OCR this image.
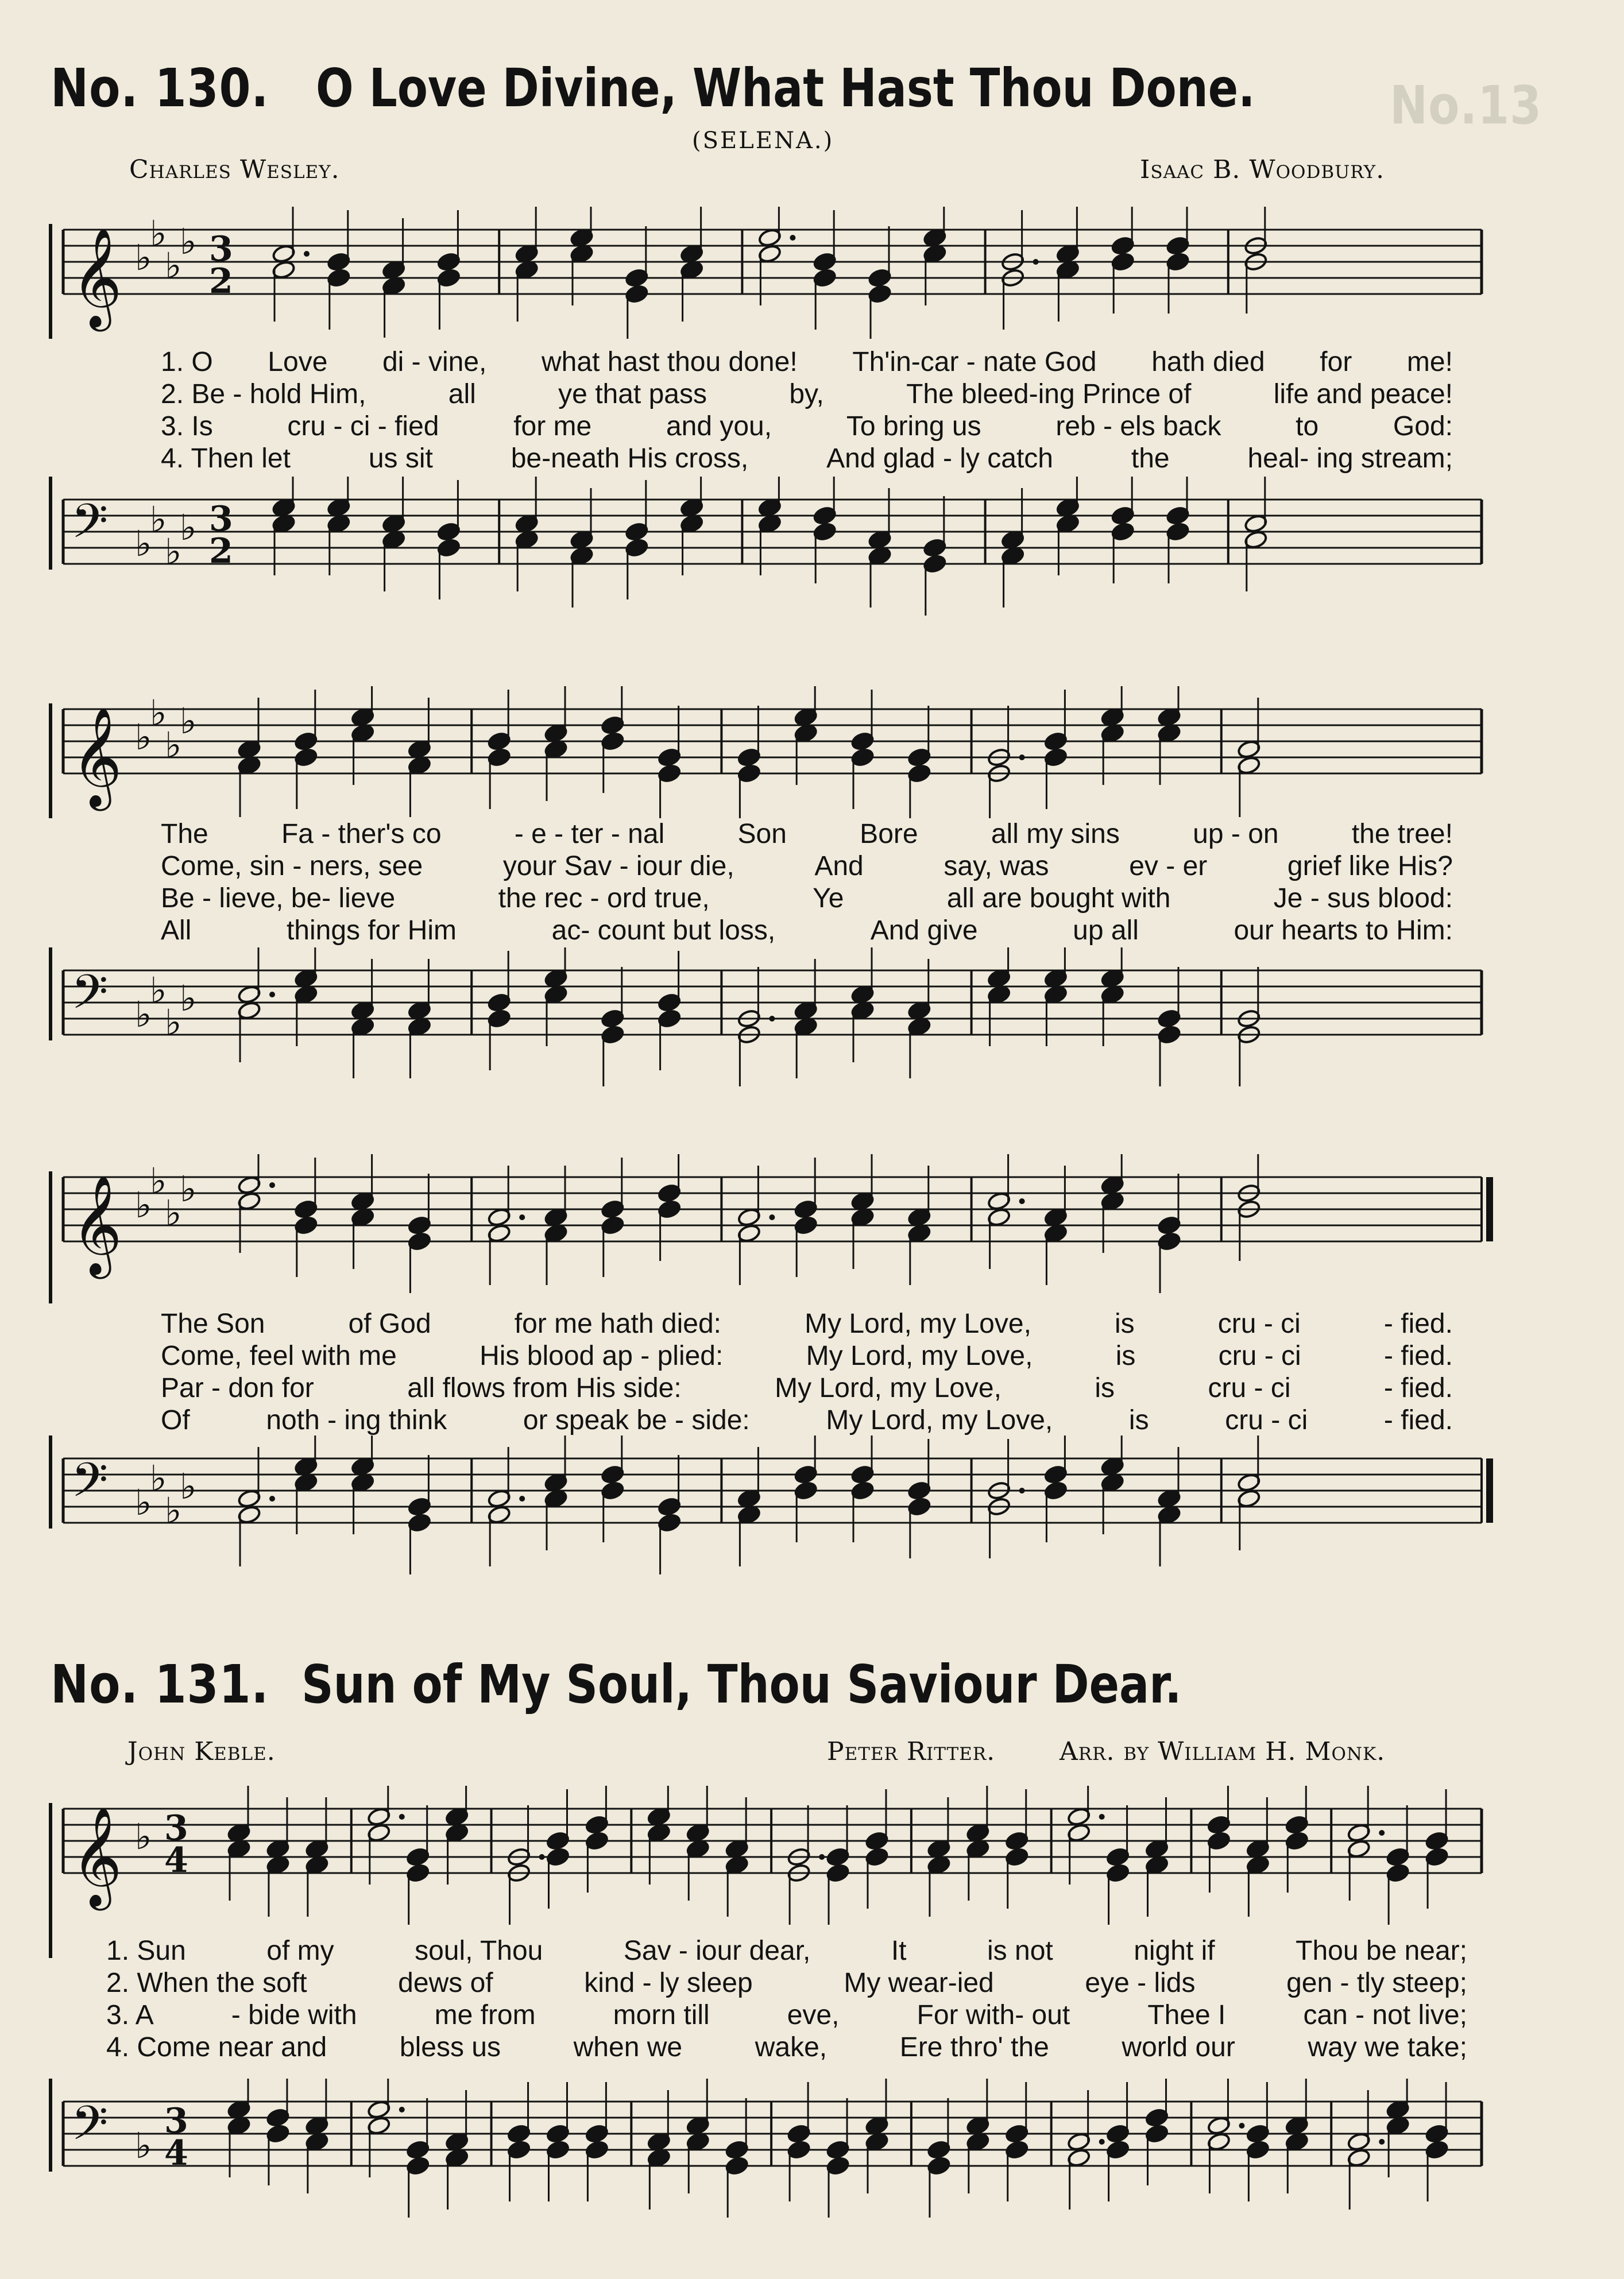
No.13
No. 130. O Love Divine, What Hast Thou Done.
(SELENA.)
Charles Wesley.	Isaac B. Woodbury.
𝄞 ♭
♭
♭
♭ 3
2
1. O Love di - vine, what hast thou done! Th'in-car - nate God hath died for me!
2. Be - hold Him,	all	ye that pass	by,	The bleed-ing Prince of	life and peace!
3. Is	cru - ci - fied	for me	and you,	To bring us	reb - els back	to	God:
4. Then let	us sit	be-neath His cross,	And glad - ly catch	the	heal- ing stream;
𝄢 ♭
♭
♭
♭ 3
2
𝄞 ♭
♭
♭
♭
The	Fa - ther's co	- e - ter - nal	Son	Bore	all my sins	up - on	the tree!
Come, sin - ners, see	your Sav - iour die,	And	say, was	ev - er	grief like His?
Be - lieve, be- lieve	the rec - ord true,	Ye	all are bought with	Je - sus blood:
All	things for Him	ac- count but loss,	And give	up all	our hearts to Him:
𝄢 ♭
♭
♭
♭
𝄞 ♭
♭
♭
♭
The Son	of God	for me hath died:	My Lord, my Love,	is	cru - ci	- fied.
Come, feel with me	His blood ap - plied:	My Lord, my Love,	is	cru - ci	- fied.
Par - don for	all flows from His side:	My Lord, my Love,	is	cru - ci	- fied.
Of	noth - ing think	or speak be - side:	My Lord, my Love,	is	cru - ci	- fied.
𝄢 ♭
♭
♭
♭
No. 131. Sun of My Soul, Thou Saviour Dear.
John Keble.	Peter Ritter.	Arr. by William H. Monk.
𝄞 ♭ 3
4
1. Sun	of my	soul, Thou	Sav - iour dear,	It	is not	night if	Thou be near;
2. When the soft	dews of	kind - ly sleep	My wear-ied	eye - lids	gen - tly steep;
3. A	- bide with	me from	morn till	eve,	For with- out	Thee I	can - not live;
4. Come near and	bless us	when we	wake,	Ere thro' the	world our	way we take;
𝄢 ♭
3
4
